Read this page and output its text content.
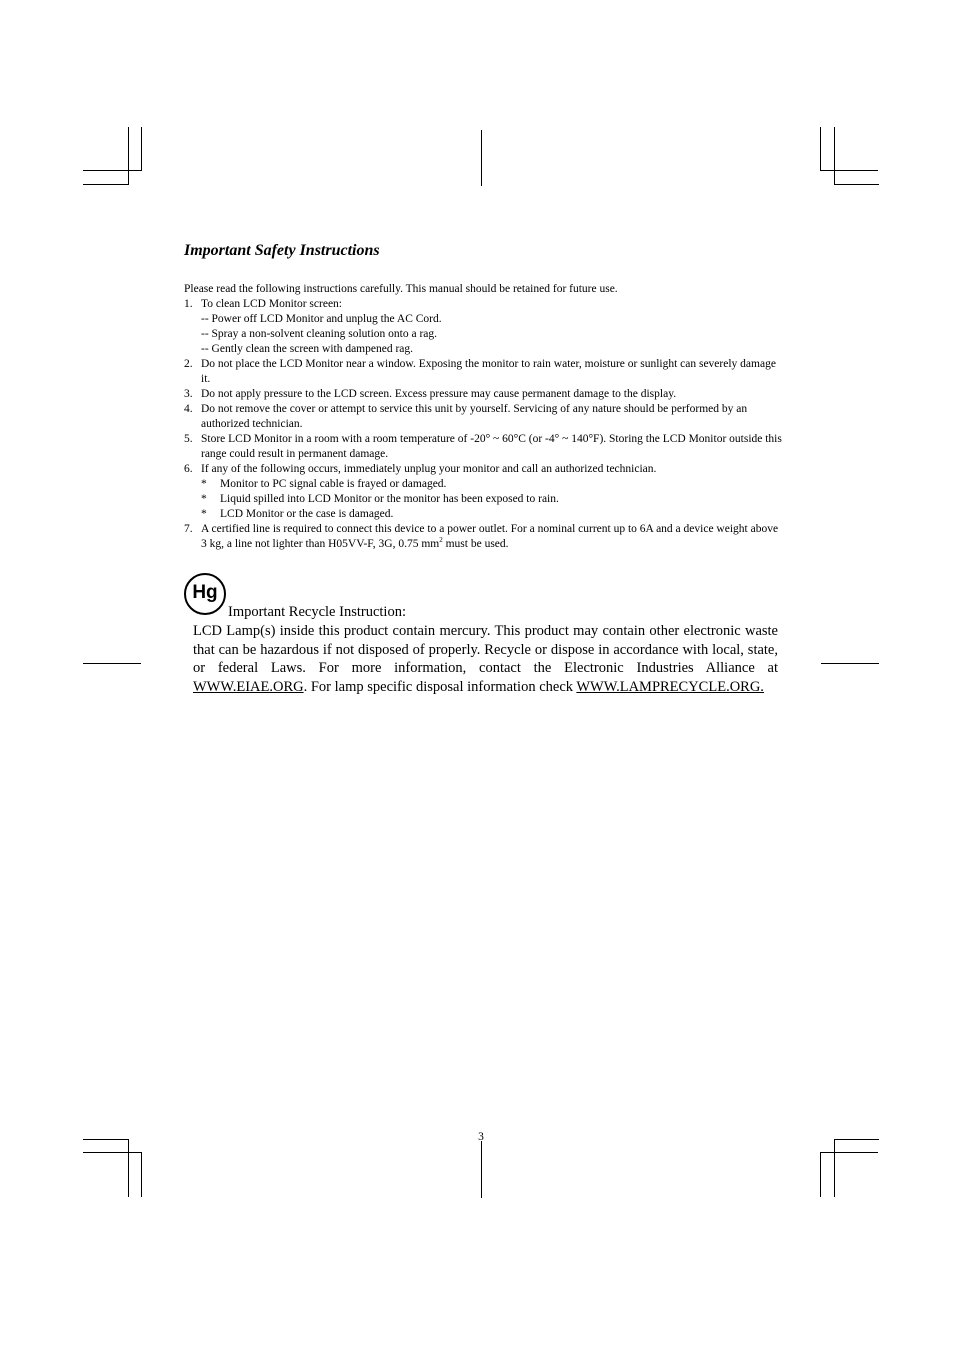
Important Safety Instructions

Please read the following instructions carefully. This manual should be retained for future use.

1. To clean LCD Monitor screen:
-- Power off LCD Monitor and unplug the AC Cord.
-- Spray a non-solvent cleaning solution onto a rag.
-- Gently clean the screen with dampened rag.
2. Do not place the LCD Monitor near a window. Exposing the monitor to rain water, moisture or sunlight can severely damage it.
3. Do not apply pressure to the LCD screen. Excess pressure may cause permanent damage to the display.
4. Do not remove the cover or attempt to service this unit by yourself. Servicing of any nature should be performed by an authorized technician.
5. Store LCD Monitor in a room with a room temperature of -20° ~ 60°C (or -4° ~ 140°F). Storing the LCD Monitor outside this range could result in permanent damage.
6. If any of the following occurs, immediately unplug your monitor and call an authorized technician.
* Monitor to PC signal cable is frayed or damaged.
* Liquid spilled into LCD Monitor or the monitor has been exposed to rain.
* LCD Monitor or the case is damaged.
7. A certified line is required to connect this device to a power outlet. For a nominal current up to 6A and a device weight above 3 kg, a line not lighter than H05VV-F, 3G, 0.75 $mm^2$ must be used.
Hg

Important Recycle Instruction:

LCD Lamp(s) inside this product contain mercury. This product may contain other electronic waste that can be hazardous if not disposed of properly. Recycle or dispose in accordance with local, state, or federal Laws. For more information, contact the Electronic Industries Alliance at WWW.EIAE.ORG. For lamp specific disposal information check WWW.LAMPRECYCLE.ORG.

3
